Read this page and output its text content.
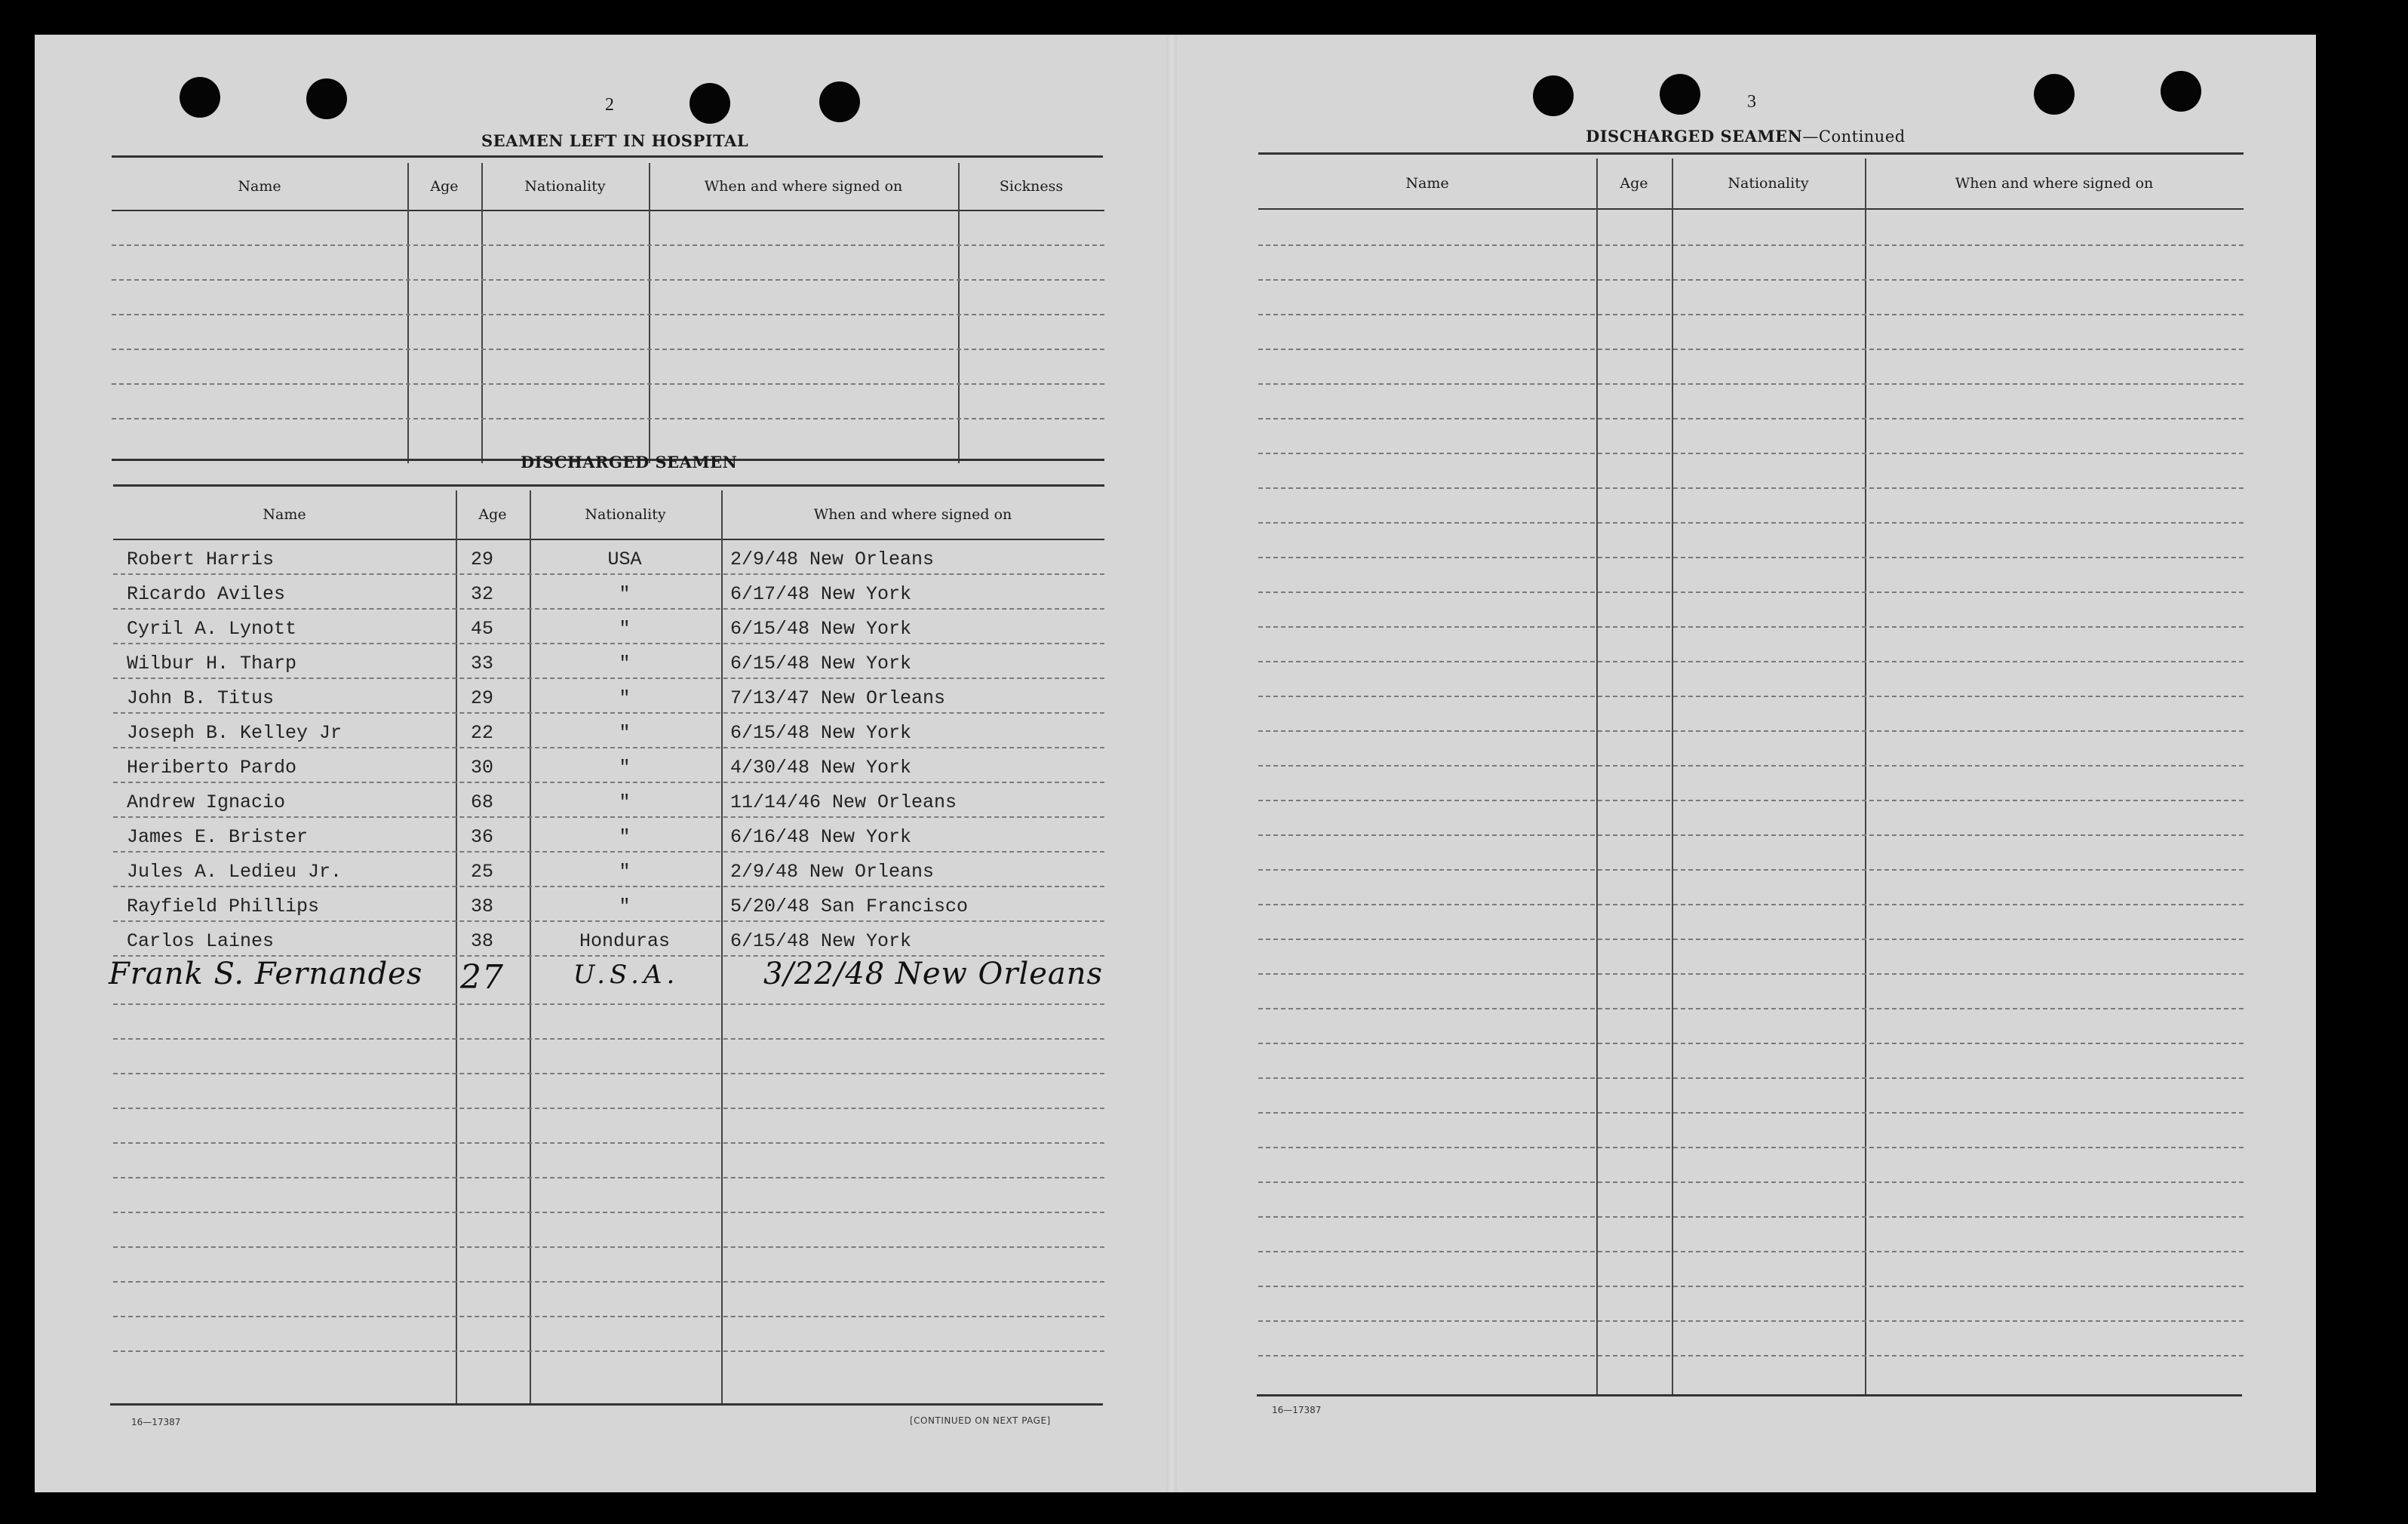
2
SEAMEN LEFT IN HOSPITAL
Name	Age	Nationality	When and where signed on	Sickness
DISCHARGED SEAMEN
Name	Age	Nationality	When and where signed on
Robert Harris	29	USA	2/9/48 New Orleans
Ricardo Aviles	32	"	6/17/48 New York
Cyril A. Lynott	45	"	6/15/48 New York
Wilbur H. Tharp	33	"	6/15/48 New York
John B. Titus	29	"	7/13/47 New Orleans
Joseph B. Kelley Jr	22	"	6/15/48 New York
Heriberto Pardo	30	"	4/30/48 New York
Andrew Ignacio	68	"	11/14/46 New Orleans
James E. Brister	36	"	6/16/48 New York
Jules A. Ledieu Jr.	25	"	2/9/48 New Orleans
Rayfield Phillips	38	"	5/20/48 San Francisco
Carlos Laines	38	Honduras	6/15/48 New York
Frank S. Fernandes 27	U.S.A.	3/22/48 New Orleans
16—17387	[CONTINUED ON NEXT PAGE]
3
DISCHARGED SEAMEN—Continued
Name	Age	Nationality	When and where signed on
16—17387
